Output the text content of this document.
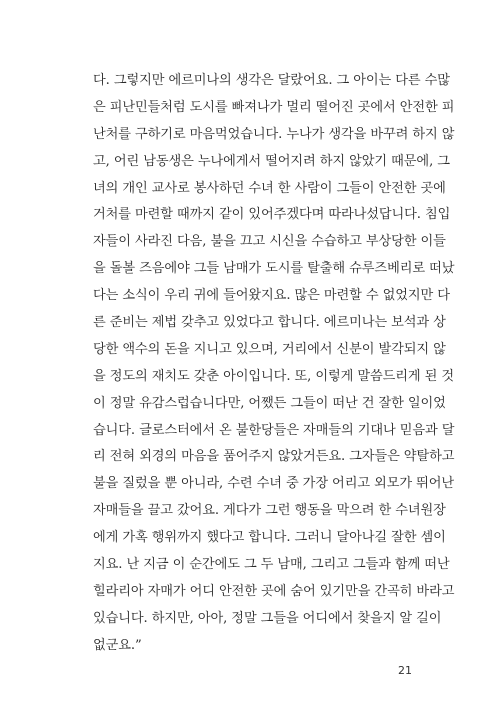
다. 그렇지만 에르미나의 생각은 달랐어요. 그 아이는 다른 수많
은 피난민들처럼 도시를 빠져나가 멀리 떨어진 곳에서 안전한 피
난처를 구하기로 마음먹었습니다. 누나가 생각을 바꾸려 하지 않
고, 어린 남동생은 누나에게서 떨어지려 하지 않았기 때문에, 그
녀의 개인 교사로 봉사하던 수녀 한 사람이 그들이 안전한 곳에
거처를 마련할 때까지 같이 있어주겠다며 따라나섰답니다. 침입
자들이 사라진 다음, 불을 끄고 시신을 수습하고 부상당한 이들
을 돌볼 즈음에야 그들 남매가 도시를 탈출해 슈루즈베리로 떠났
다는 소식이 우리 귀에 들어왔지요. 많은 마련할 수 없었지만 다
른 준비는 제법 갖추고 있었다고 합니다. 에르미나는 보석과 상
당한 액수의 돈을 지니고 있으며, 거리에서 신분이 발각되지 않
을 정도의 재치도 갖춘 아이입니다. 또, 이렇게 말씀드리게 된 것
이 정말 유감스럽습니다만, 어쨌든 그들이 떠난 건 잘한 일이었
습니다. 글로스터에서 온 불한당들은 자매들의 기대나 믿음과 달
리 전혀 외경의 마음을 품어주지 않았거든요. 그자들은 약탈하고
불을 질렀을 뿐 아니라, 수련 수녀 중 가장 어리고 외모가 뛰어난
자매들을 끌고 갔어요. 게다가 그런 행동을 막으려 한 수녀원장
에게 가혹 행위까지 했다고 합니다. 그러니 달아나길 잘한 셈이
지요. 난 지금 이 순간에도 그 두 남매, 그리고 그들과 함께 떠난
힐라리아 자매가 어디 안전한 곳에 숨어 있기만을 간곡히 바라고
있습니다. 하지만, 아아, 정말 그들을 어디에서 찾을지 알 길이
없군요.”
21
